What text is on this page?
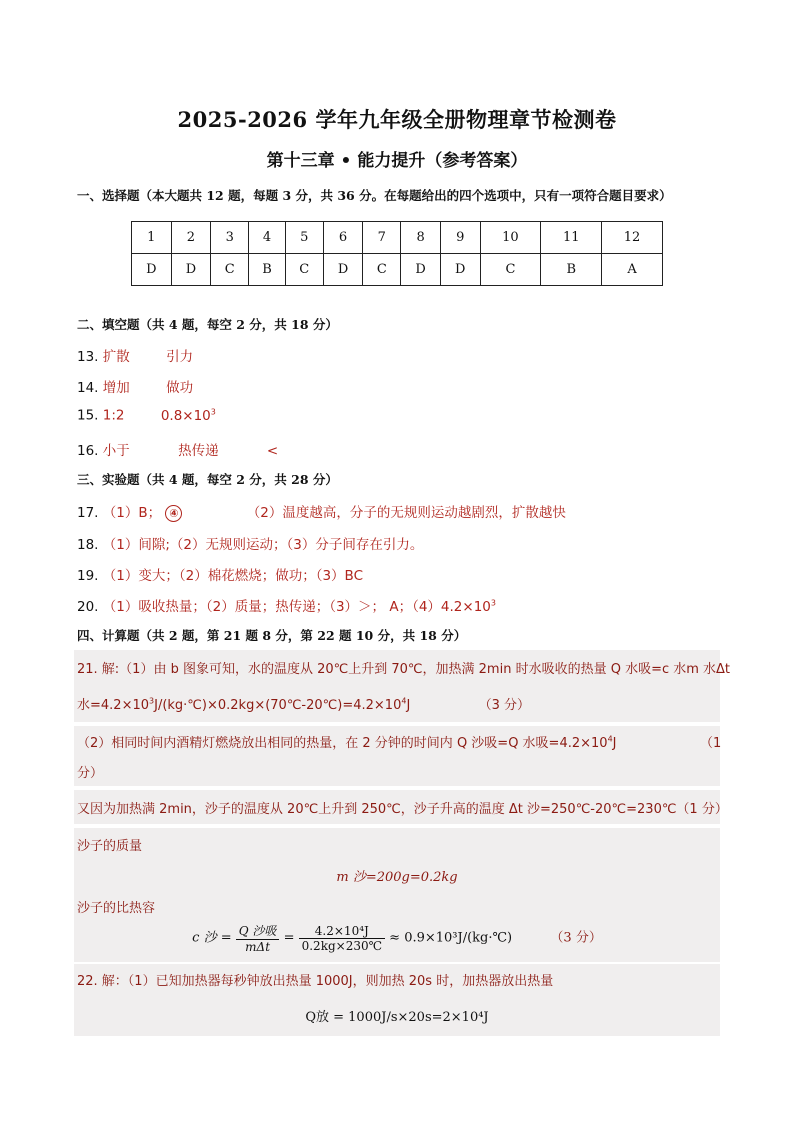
2025-2026 学年九年级全册物理章节检测卷
第十三章 • 能力提升（参考答案）
一、选择题（本大题共 12 题，每题 3 分，共 36 分。在每题给出的四个选项中，只有一项符合题目要求）
1	2	3	4	5	6	7	8	9	10	11	12
D	D	C	B	C	D	C	D	D	C	B	A
二、填空题（共 4 题，每空 2 分，共 18 分）
13. 扩散	引力
14. 增加	做功
15. 1:2	$0.8\times 10^3$
16. 小于	热传递	<
三、实验题（共 4 题，每空 2 分，共 28 分）
17. （1）B； ④	（2）温度越高，分子的无规则运动越剧烈，扩散越快
18. （1）间隙;（2）无规则运动；（3）分子间存在引力。
19. （1）变大；（2）棉花燃烧；做功；（3）BC
20. （1）吸收热量；（2）质量；热传递；（3）＞； A；$(4)4.2\times 10^3$
四、计算题（共 2 题，第 21 题 8 分，第 22 题 10 分，共 18 分）
21. 解:（1）由 b 图象可知，水的温度从 20℃上升到 70℃，加热满 2min 时水吸收的热量 Q 水吸=c 水m 水Δt
水$=4.2\times 10^3J/(kg\cdot℃)\times 0.2kg\times(70℃-20℃)=4.2\times 10^4J$	（3 分）
（2）相同时间内酒精灯燃烧放出相同的热量，在 2 分钟的时间内 Q 沙吸=Q 水吸$=4.2\times 10^4J$	（1
分）
又因为加热满 2min，沙子的温度从 20℃上升到 250℃，沙子升高的温度 Δt 沙=250℃-20℃=230℃（1 分）
沙子的质量
m 沙=200g=0.2kg
沙子的比热容
c 沙 = $\frac{\text{Q 沙吸}}{\text{mΔt}} = \frac{\text{4.2×10⁴J}}{0.2kg\times 230℃}$ ≈ 0.9×10³J/(kg·℃)	（3 分）
22. 解：（1）已知加热器每秒钟放出热量 1000J，则加热 20s 时，加热器放出热量
Q放 = 1000J/s×20s=2×10⁴J
